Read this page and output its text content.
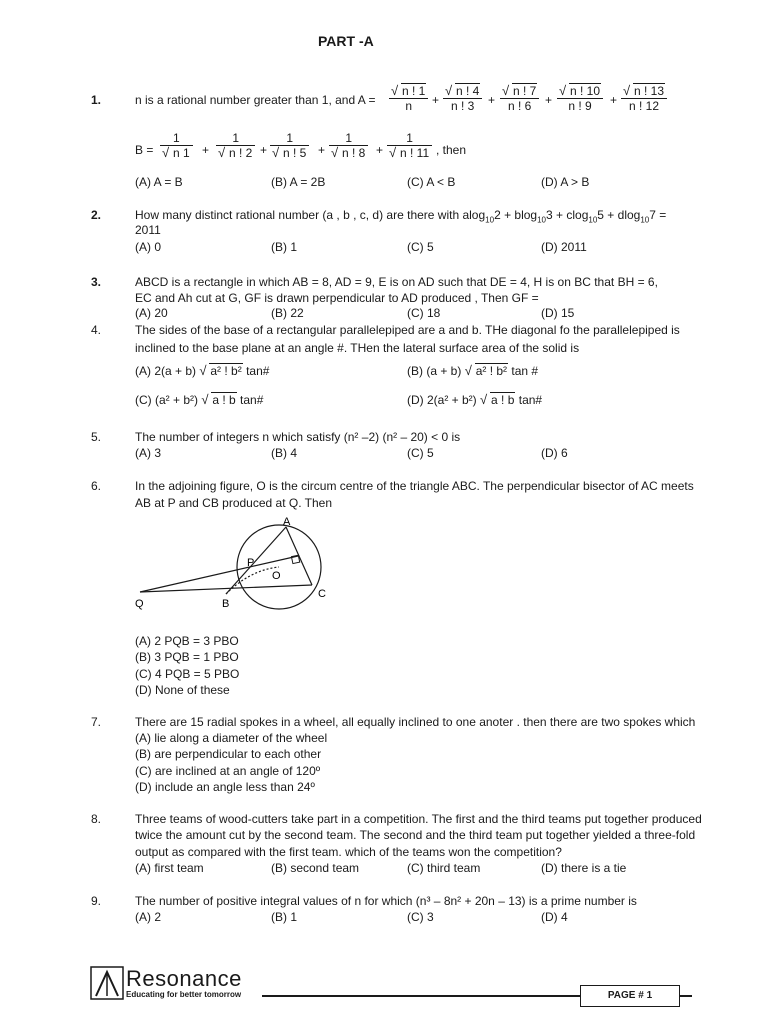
PART -A
1.	n is a rational number greater than 1, and A = √ $\frac{n ! 1}{n}$ + √ $\frac{n ! 4}{n ! 3}$ + √ $\frac{n ! 7}{n ! 6}$ + √ $\frac{n ! 10}{n ! 9}$ + √ $\frac{n ! 13}{n ! 12}$
B = 1
√ n 1 + 1
√ n ! 2 + 1
√ n ! 5 + 1
√ n ! 8 + 1
√ n ! 11 , then
(A) A = B	(B) A = 2B	(C) A < B	(D) A > B
2.	How many distinct rational number (a , b , c, d) are there with alog$_{10}$2 + blog$_{10}$3 + clog$_{10}$5 + dlog$_{10}$7 =
2011
(A) 0	(B) 1	(C) 5	(D) 2011
3.	ABCD is a rectangle in which AB = 8, AD = 9, E is on AD such that DE = 4, H is on BC that BH = 6,
EC and Ah cut at G, GF is drawn perpendicular to AD produced , Then GF =
(A) 20	(B) 22	(C) 18	(D) 15
4.	The sides of the base of a rectangular parallelepiped are a and b. THe diagonal fo the parallelepiped is
inclined to the base plane at an angle #. THen the lateral surface area of the solid is
(A) 2(a + b) √ a² ! b² tan#	(B) (a + b) √ a² ! b² tan #
(C) (a² + b²) √ a ! b tan#	(D) 2(a² + b²) √ a ! b tan#
5.	The number of integers n which satisfy (n² –2) (n² – 20) < 0 is
(A) 3	(B) 4	(C) 5	(D) 6
6.	In the adjoining figure, O is the circum centre of the triangle ABC. The perpendicular bisector of AC meets
AB at P and CB produced at Q. Then
A
P
O
Q	B
C
(A) 2 PQB = 3 PBO
(B) 3 PQB = 1 PBO
(C) 4 PQB = 5 PBO
(D) None of these
7.	There are 15 radial spokes in a wheel, all equally inclined to one anoter . then there are two spokes which
(A) lie along a diameter of the wheel
(B) are perpendicular to each other
(C) are inclined at an angle of 120º
(D) include an angle less than 24º
8.	Three teams of wood-cutters take part in a competition. The first and the third teams put together produced
twice the amount cut by the second team. The second and the third team put together yielded a three-fold
output as compared with the first team. which of the teams won the competition?
(A) first team	(B) second team	(C) third team	(D) there is a tie
9.	The number of positive integral values of n for which (n³ – 8n² + 20n – 13) is a prime number is
(A) 2	(B) 1	(C) 3	(D) 4
Resonance
Educating for better tomorrow	PAGE # 1
